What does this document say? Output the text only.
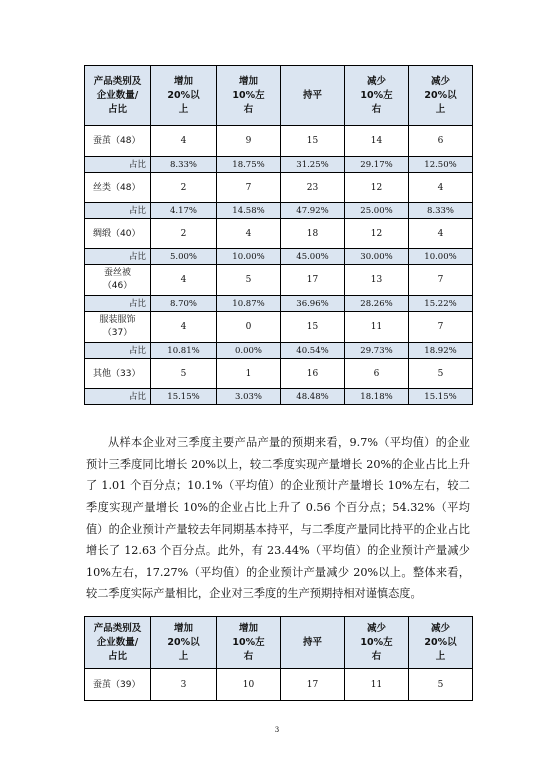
产品类别及企业数量/占比	增加 20%以上	增加 10%左右	持平	减少 10%左右	减少 20%以上
蚕茧（48）	4	9	15	14	6
占比	8.33%	18.75%	31.25%	29.17%	12.50%
丝类（48）	2	7	23	12	4
占比	4.17%	14.58%	47.92%	25.00%	8.33%
绸缎（40）	2	4	18	12	4
占比	5.00%	10.00%	45.00%	30.00%	10.00%
蚕丝被（46）	4	5	17	13	7
占比	8.70%	10.87%	36.96%	28.26%	15.22%
服装服饰（37）	4	0	15	11	7
占比	10.81%	0.00%	40.54%	29.73%	18.92%
其他（33）	5	1	16	6	5
占比	15.15%	3.03%	48.48%	18.18%	15.15%

从样本企业对三季度主要产品产量的预期来看，9.7%（平均值）的企业预计三季度同比增长 20%以上，较二季度实现产量增长 20%的企业占比上升了 1.01 个百分点；10.1%（平均值）的企业预计产量增长 10%左右，较二季度实现产量增长 10%的企业占比上升了 0.56 个百分点；54.32%（平均值）的企业预计产量较去年同期基本持平，与二季度产量同比持平的企业占比增长了 12.63 个百分点。此外，有 23.44%（平均值）的企业预计产量减少 10%左右，17.27%（平均值）的企业预计产量减少 20%以上。整体来看，较二季度实际产量相比，企业对三季度的生产预期持相对谨慎态度。

产品类别及企业数量/占比	增加 20%以上	增加 10%左右	持平	减少 10%左右	减少 20%以上
蚕茧（39）	3	10	17	11	5
3
